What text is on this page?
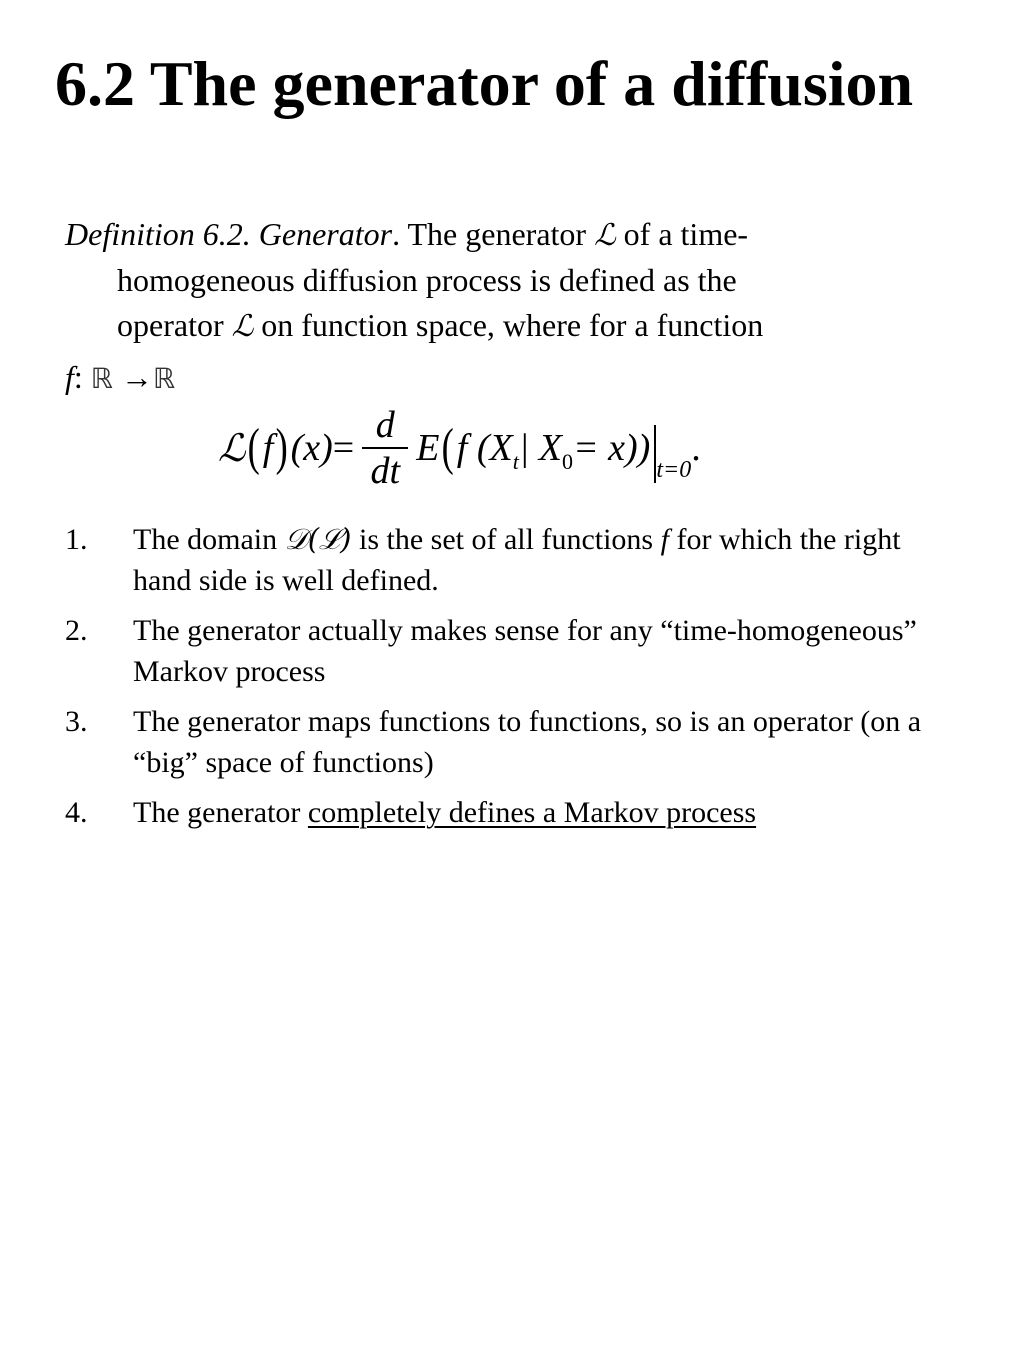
6.2 The generator of a diffusion
Definition 6.2. Generator. The generator ℒ of a time-
homogeneous diffusion process is defined as the
operator ℒ on function space, where for a function
f: ℝ →ℝ
ℒ ( f ) $(x) = \frac{d}{dt}$ E ( f (X t | X 0 = x))
t=0
.
1.	The domain 𝒟(ℒ) is the set of all functions f for which the right hand side is well defined.
2.	The generator actually makes sense for any “time-homogeneous” Markov process
3.	The generator maps functions to functions, so is an operator (on a “big” space of functions)
4.	The generator completely defines a Markov process
